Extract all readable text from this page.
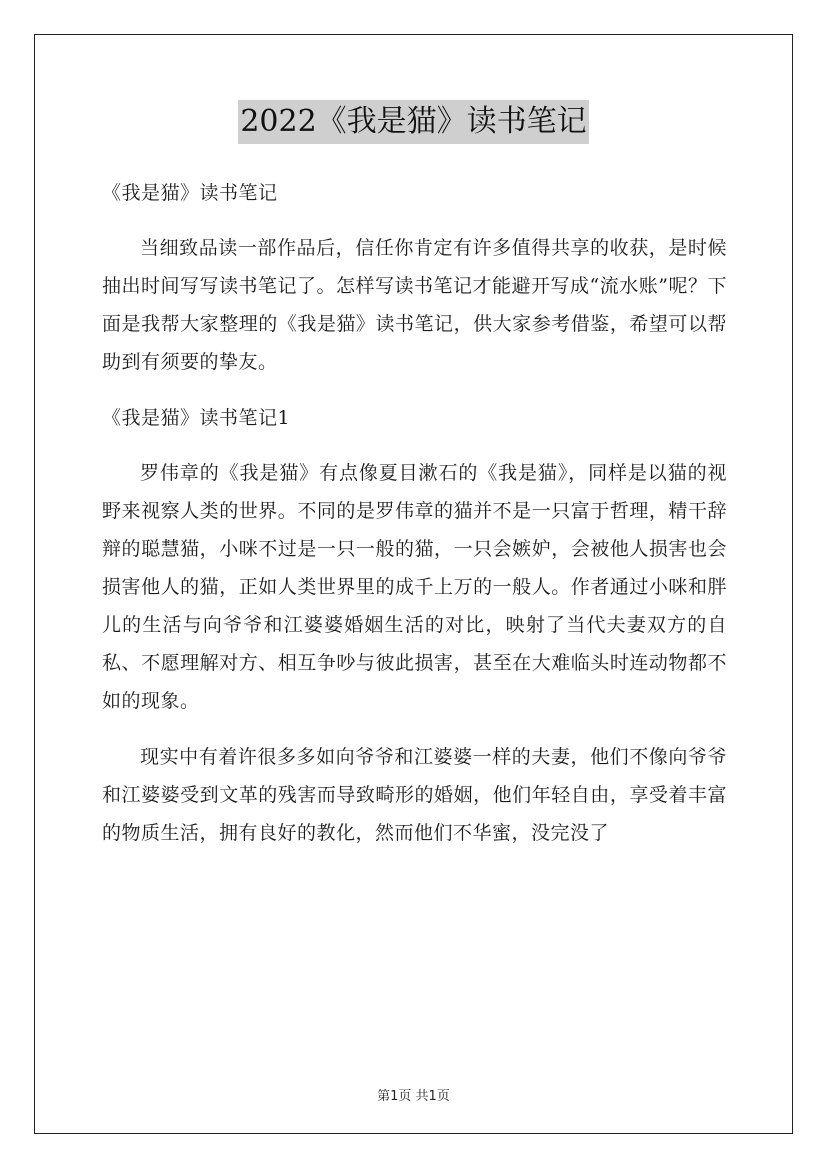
2022《我是猫》读书笔记
《我是猫》读书笔记
当细致品读一部作品后，信任你肯定有许多值得共享的收获，是时候抽出时间写写读书笔记了。怎样写读书笔记才能避开写成“流水账”呢？下面是我帮大家整理的《我是猫》读书笔记，供大家参考借鉴，希望可以帮助到有须要的挚友。
《我是猫》读书笔记1
罗伟章的《我是猫》有点像夏目漱石的《我是猫》，同样是以猫的视野来视察人类的世界。不同的是罗伟章的猫并不是一只富于哲理，精干辞辩的聪慧猫，小咪不过是一只一般的猫，一只会嫉妒，会被他人损害也会损害他人的猫，正如人类世界里的成千上万的一般人。作者通过小咪和胖儿的生活与向爷爷和江婆婆婚姻生活的对比，映射了当代夫妻双方的自私、不愿理解对方、相互争吵与彼此损害，甚至在大难临头时连动物都不如的现象。
现实中有着许很多多如向爷爷和江婆婆一样的夫妻，他们不像向爷爷和江婆婆受到文革的残害而导致畸形的婚姻，他们年轻自由，享受着丰富的物质生活，拥有良好的教化，然而他们不华蜜，没完没了
第1页 共1页
